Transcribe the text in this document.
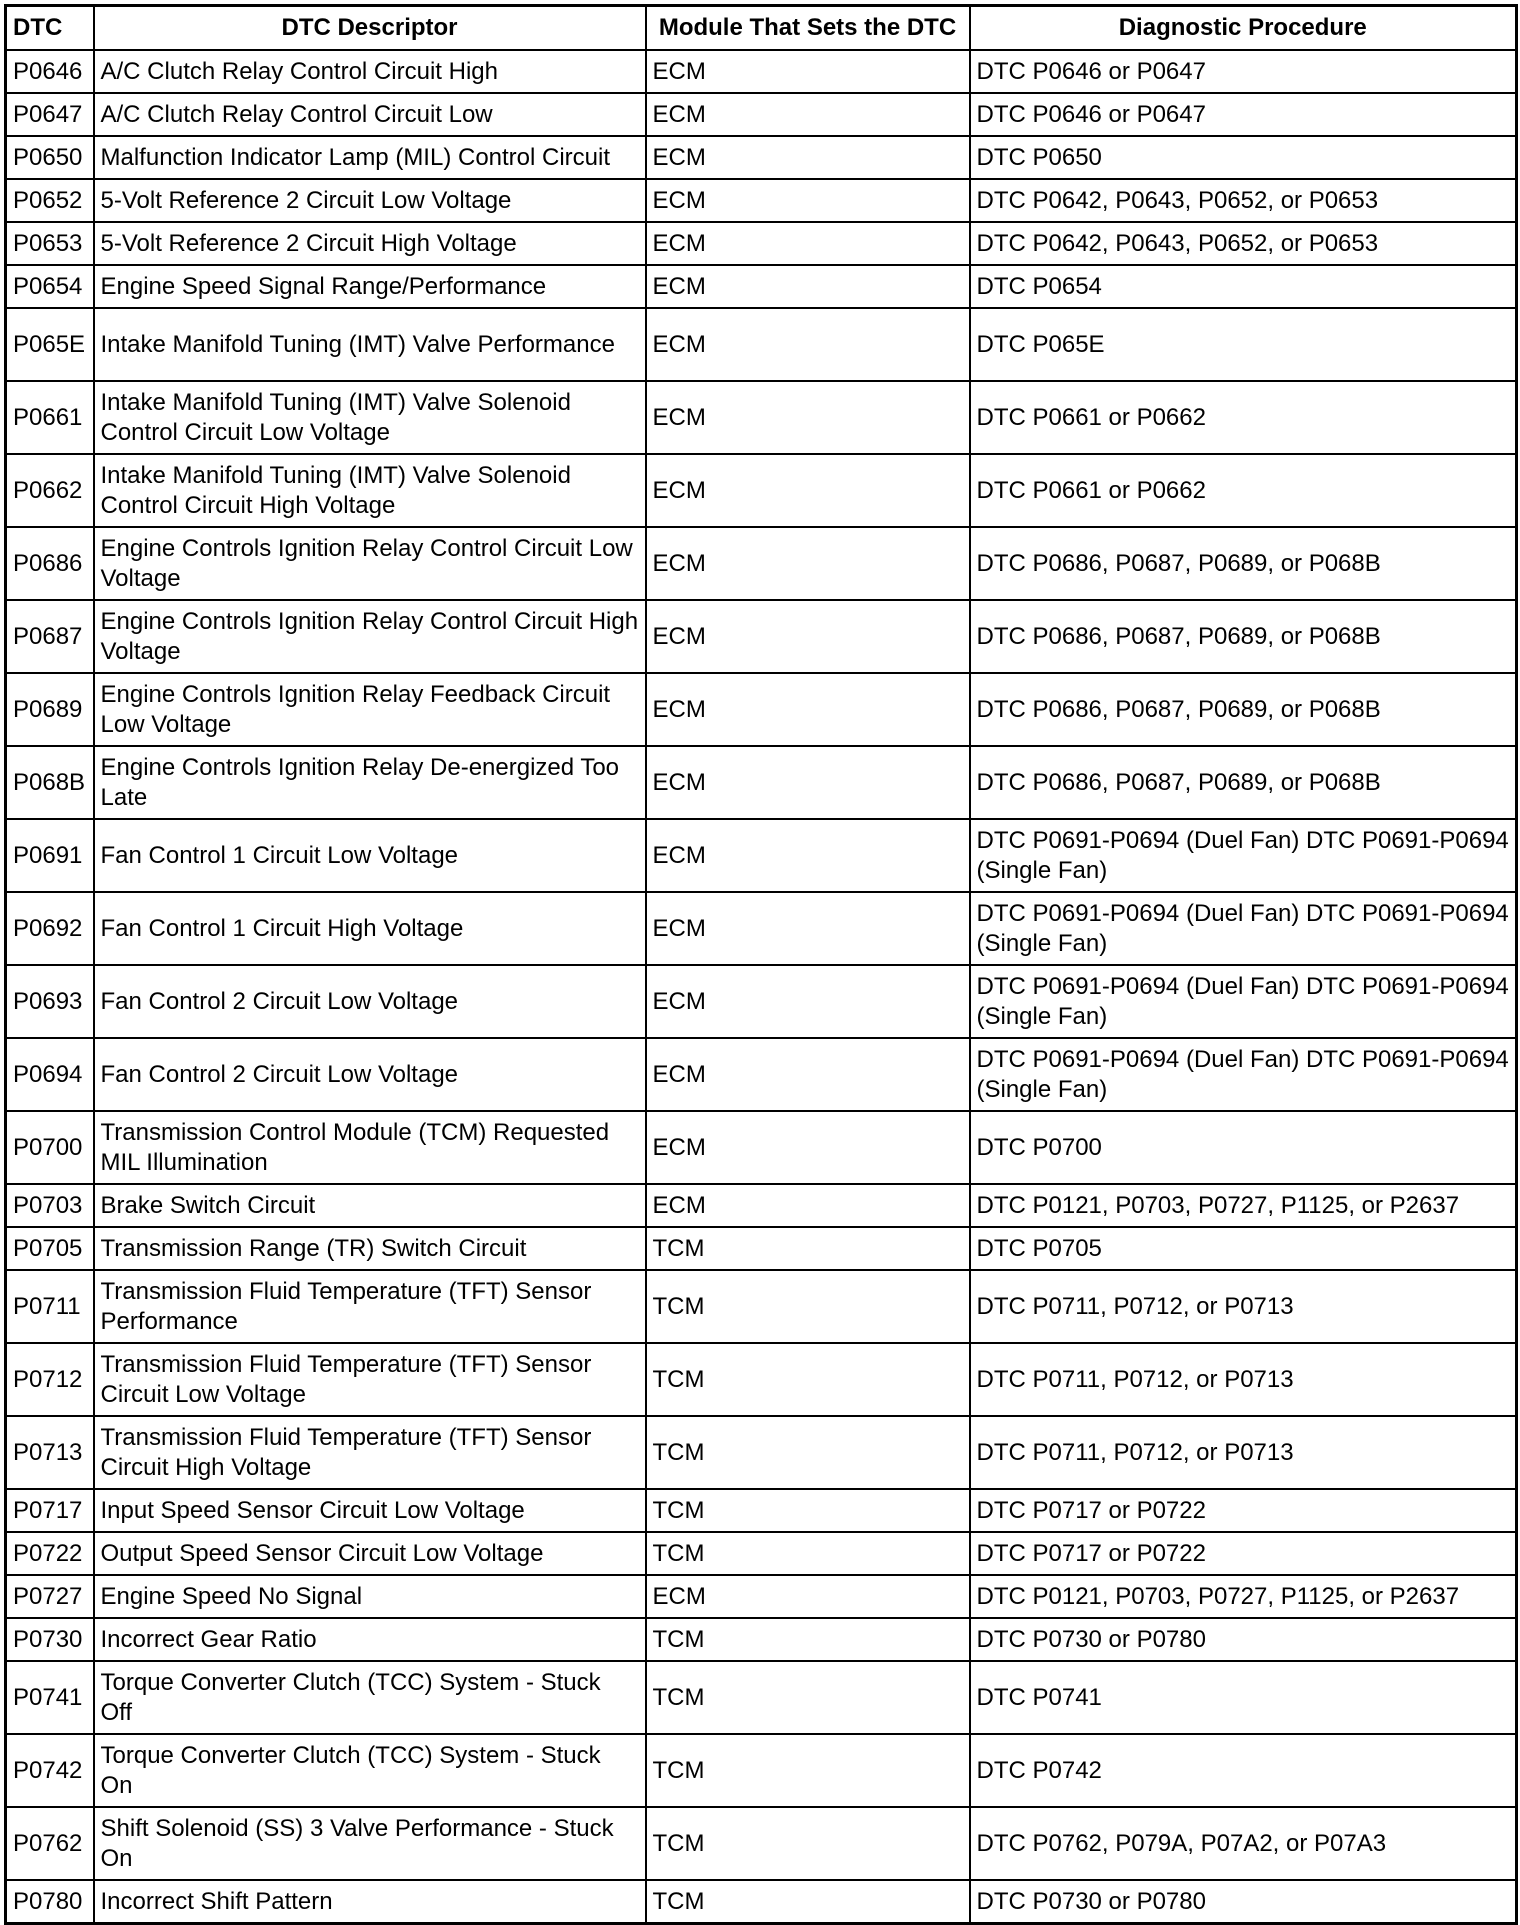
DTC	DTC Descriptor	Module That Sets the DTC	Diagnostic Procedure
P0646	A/C Clutch Relay Control Circuit High	ECM	DTC P0646 or P0647
P0647	A/C Clutch Relay Control Circuit Low	ECM	DTC P0646 or P0647
P0650	Malfunction Indicator Lamp (MIL) Control Circuit	ECM	DTC P0650
P0652	5-Volt Reference 2 Circuit Low Voltage	ECM	DTC P0642, P0643, P0652, or P0653
P0653	5-Volt Reference 2 Circuit High Voltage	ECM	DTC P0642, P0643, P0652, or P0653
P0654	Engine Speed Signal Range/Performance	ECM	DTC P0654
P065E	Intake Manifold Tuning (IMT) Valve Performance	ECM	DTC P065E
P0661	Intake Manifold Tuning (IMT) Valve Solenoid Control Circuit Low Voltage	ECM	DTC P0661 or P0662
P0662	Intake Manifold Tuning (IMT) Valve Solenoid Control Circuit High Voltage	ECM	DTC P0661 or P0662
P0686	Engine Controls Ignition Relay Control Circuit Low Voltage	ECM	DTC P0686, P0687, P0689, or P068B
P0687	Engine Controls Ignition Relay Control Circuit High Voltage	ECM	DTC P0686, P0687, P0689, or P068B
P0689	Engine Controls Ignition Relay Feedback Circuit Low Voltage	ECM	DTC P0686, P0687, P0689, or P068B
P068B	Engine Controls Ignition Relay De-energized Too Late	ECM	DTC P0686, P0687, P0689, or P068B
P0691	Fan Control 1 Circuit Low Voltage	ECM	DTC P0691-P0694 (Duel Fan) DTC P0691-P0694 (Single Fan)
P0692	Fan Control 1 Circuit High Voltage	ECM	DTC P0691-P0694 (Duel Fan) DTC P0691-P0694 (Single Fan)
P0693	Fan Control 2 Circuit Low Voltage	ECM	DTC P0691-P0694 (Duel Fan) DTC P0691-P0694 (Single Fan)
P0694	Fan Control 2 Circuit Low Voltage	ECM	DTC P0691-P0694 (Duel Fan) DTC P0691-P0694 (Single Fan)
P0700	Transmission Control Module (TCM) Requested MIL Illumination	ECM	DTC P0700
P0703	Brake Switch Circuit	ECM	DTC P0121, P0703, P0727, P1125, or P2637
P0705	Transmission Range (TR) Switch Circuit	TCM	DTC P0705
P0711	Transmission Fluid Temperature (TFT) Sensor Performance	TCM	DTC P0711, P0712, or P0713
P0712	Transmission Fluid Temperature (TFT) Sensor Circuit Low Voltage	TCM	DTC P0711, P0712, or P0713
P0713	Transmission Fluid Temperature (TFT) Sensor Circuit High Voltage	TCM	DTC P0711, P0712, or P0713
P0717	Input Speed Sensor Circuit Low Voltage	TCM	DTC P0717 or P0722
P0722	Output Speed Sensor Circuit Low Voltage	TCM	DTC P0717 or P0722
P0727	Engine Speed No Signal	ECM	DTC P0121, P0703, P0727, P1125, or P2637
P0730	Incorrect Gear Ratio	TCM	DTC P0730 or P0780
P0741	Torque Converter Clutch (TCC) System - Stuck Off	TCM	DTC P0741
P0742	Torque Converter Clutch (TCC) System - Stuck On	TCM	DTC P0742
P0762	Shift Solenoid (SS) 3 Valve Performance - Stuck On	TCM	DTC P0762, P079A, P07A2, or P07A3
P0780	Incorrect Shift Pattern	TCM	DTC P0730 or P0780
